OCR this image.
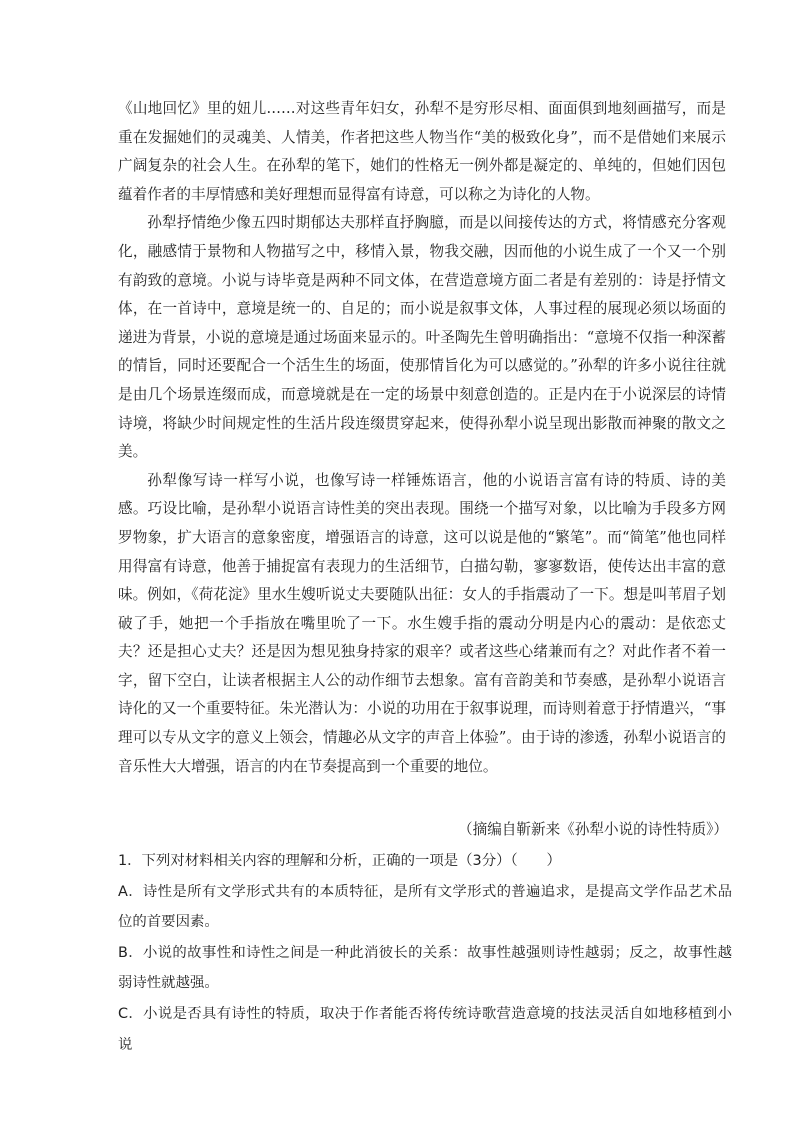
《山地回忆》里的妞儿……对这些青年妇女，孙犁不是穷形尽相、面面俱到地刻画描写，而是重在发掘她们的灵魂美、人情美，作者把这些人物当作“美的极致化身”，而不是借她们来展示广阔复杂的社会人生。在孙犁的笔下，她们的性格无一例外都是凝定的、单纯的，但她们因包蕴着作者的丰厚情感和美好理想而显得富有诗意，可以称之为诗化的人物。

孙犁抒情绝少像五四时期郁达夫那样直抒胸臆，而是以间接传达的方式，将情感充分客观化，融感情于景物和人物描写之中，移情入景，物我交融，因而他的小说生成了一个又一个别有韵致的意境。小说与诗毕竟是两种不同文体，在营造意境方面二者是有差别的：诗是抒情文体，在一首诗中，意境是统一的、自足的；而小说是叙事文体，人事过程的展现必须以场面的递进为背景，小说的意境是通过场面来显示的。叶圣陶先生曾明确指出：“意境不仅指一种深蓄的情旨，同时还要配合一个活生生的场面，使那情旨化为可以感觉的。”孙犁的许多小说往往就是由几个场景连缀而成，而意境就是在一定的场景中刻意创造的。正是内在于小说深层的诗情诗境，将缺少时间规定性的生活片段连缀贯穿起来，使得孙犁小说呈现出影散而神聚的散文之美。

孙犁像写诗一样写小说，也像写诗一样锤炼语言，他的小说语言富有诗的特质、诗的美感。巧设比喻，是孙犁小说语言诗性美的突出表现。围绕一个描写对象，以比喻为手段多方网罗物象，扩大语言的意象密度，增强语言的诗意，这可以说是他的“繁笔”。而“简笔”他也同样用得富有诗意，他善于捕捉富有表现力的生活细节，白描勾勒，寥寥数语，使传达出丰富的意味。例如，《荷花淀》里水生嫂听说丈夫要随队出征：女人的手指震动了一下。想是叫苇眉子划破了手，她把一个手指放在嘴里吮了一下。水生嫂手指的震动分明是内心的震动：是依恋丈夫？还是担心丈夫？还是因为想见独身持家的艰辛？或者这些心绪兼而有之？对此作者不着一字，留下空白，让读者根据主人公的动作细节去想象。富有音韵美和节奏感，是孙犁小说语言诗化的又一个重要特征。朱光潜认为：小说的功用在于叙事说理，而诗则着意于抒情遣兴，“事理可以专从文字的意义上领会，情趣必从文字的声音上体验”。由于诗的渗透，孙犁小说语言的音乐性大大增强，语言的内在节奏提高到一个重要的地位。

（摘编自靳新来《孙犁小说的诗性特质》）

1．下列对材料相关内容的理解和分析，正确的一项是（3分）（　　）

A．诗性是所有文学形式共有的本质特征，是所有文学形式的普遍追求，是提高文学作品艺术品位的首要因素。

B．小说的故事性和诗性之间是一种此消彼长的关系：故事性越强则诗性越弱；反之，故事性越弱诗性就越强。

C．小说是否具有诗性的特质，取决于作者能否将传统诗歌营造意境的技法灵活自如地移植到小说
